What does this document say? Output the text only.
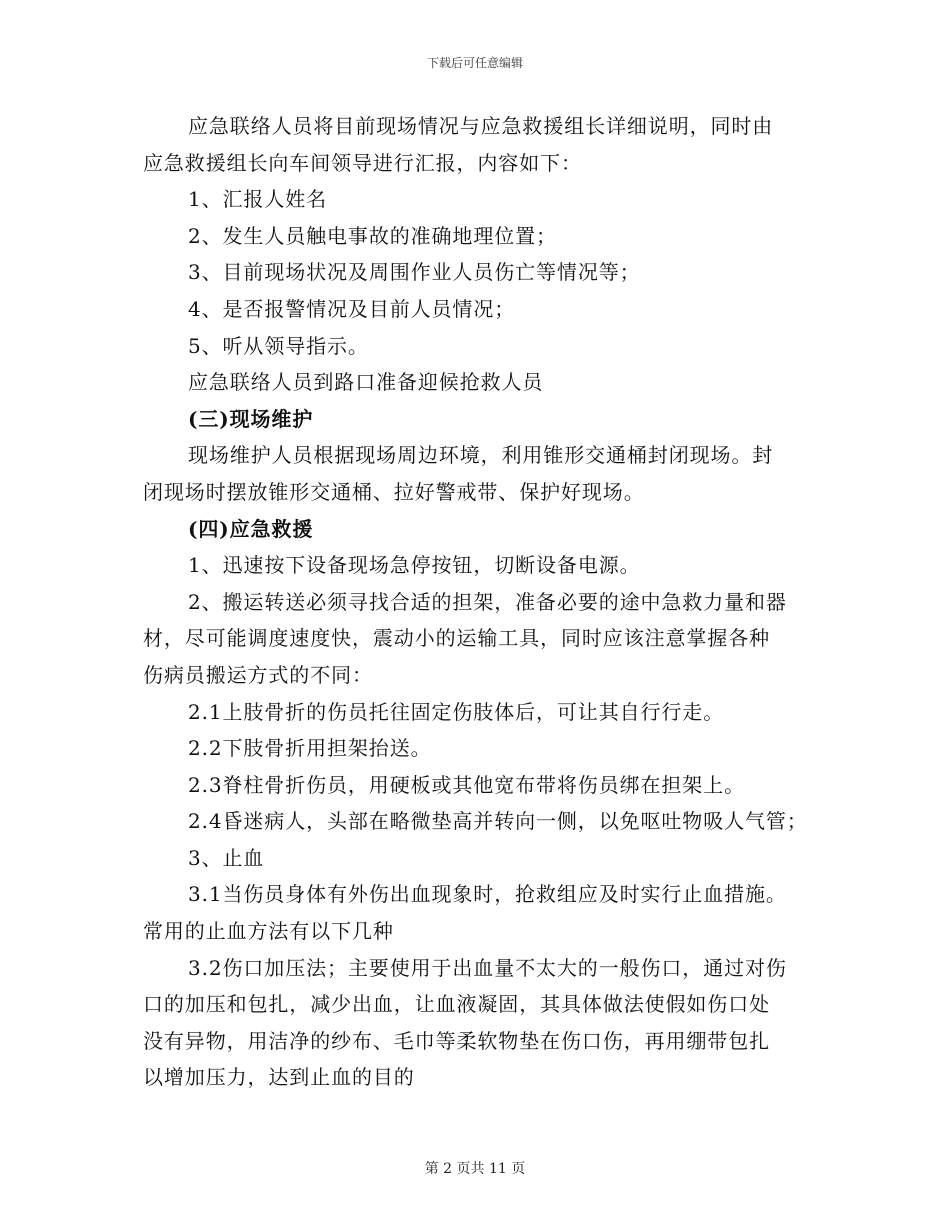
下载后可任意编辑
应急联络人员将目前现场情况与应急救援组长详细说明，同时由
应急救援组长向车间领导进行汇报，内容如下：
1、汇报人姓名
2、发生人员触电事故的准确地理位置；
3、目前现场状况及周围作业人员伤亡等情况等；
4、是否报警情况及目前人员情况；
5、听从领导指示。
应急联络人员到路口准备迎候抢救人员
(三)现场维护
现场维护人员根据现场周边环境，利用锥形交通桶封闭现场。封
闭现场时摆放锥形交通桶、拉好警戒带、保护好现场。
(四)应急救援
1、迅速按下设备现场急停按钮，切断设备电源。
2、搬运转送必须寻找合适的担架，准备必要的途中急救力量和器
材，尽可能调度速度快，震动小的运输工具，同时应该注意掌握各种
伤病员搬运方式的不同：
2.1上肢骨折的伤员托往固定伤肢体后，可让其自行行走。
2.2下肢骨折用担架抬送。
2.3脊柱骨折伤员，用硬板或其他宽布带将伤员绑在担架上。
2.4昏迷病人，头部在略微垫高并转向一侧，以免呕吐物吸人气管；
3、止血
3.1当伤员身体有外伤出血现象时，抢救组应及时实行止血措施。
常用的止血方法有以下几种
3.2伤口加压法；主要使用于出血量不太大的一般伤口，通过对伤
口的加压和包扎，减少出血，让血液凝固，其具体做法使假如伤口处
没有异物，用洁净的纱布、毛巾等柔软物垫在伤口伤，再用绷带包扎
以增加压力，达到止血的目的
第 2 页共 11 页
